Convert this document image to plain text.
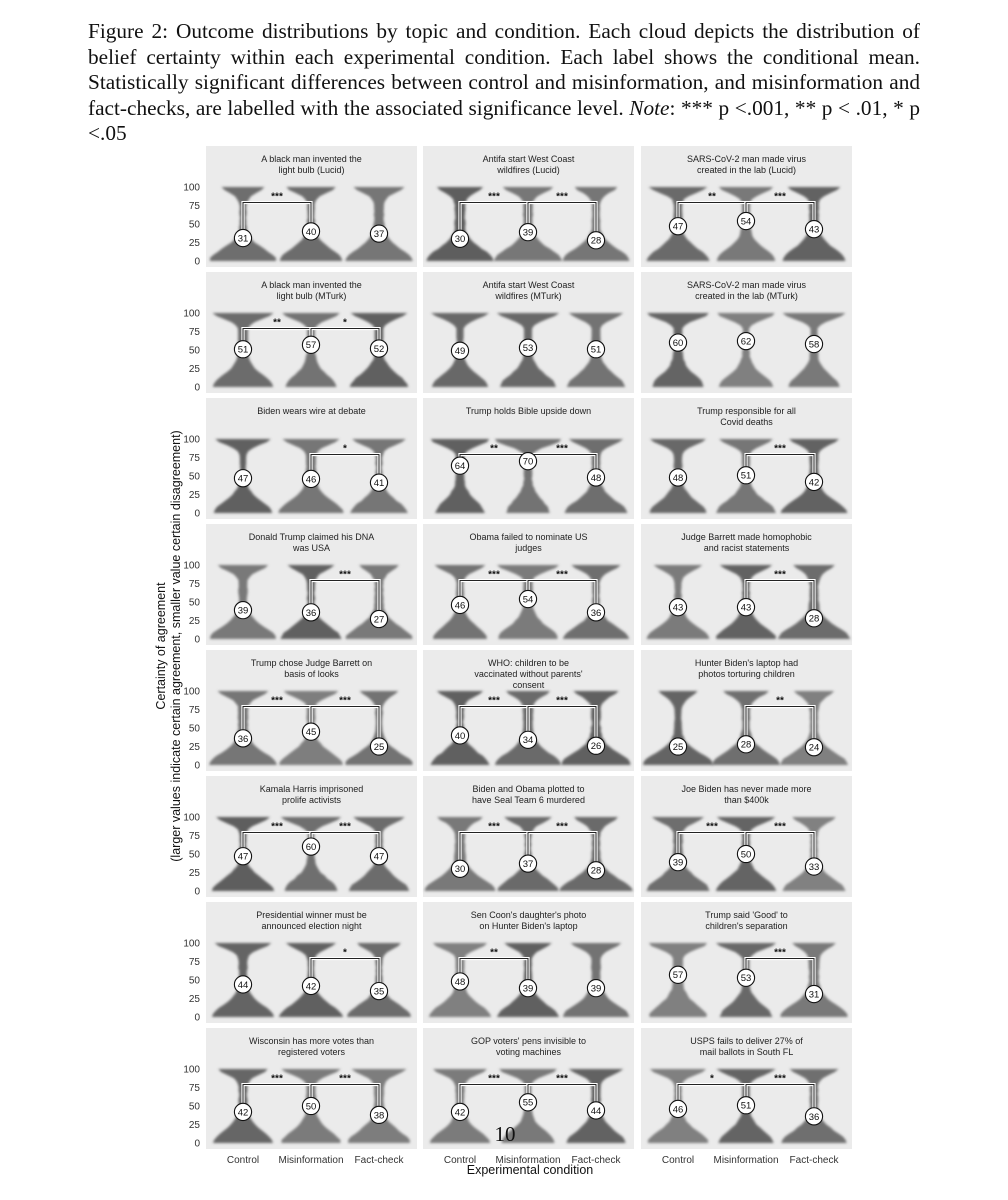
Figure 2: Outcome distributions by topic and condition. Each cloud depicts the distribution of belief certainty within each experimental condition. Each label shows the conditional mean. Statistically significant differences between control and misinformation, and misinformation and fact-checks, are labelled with the associated significance level. Note: *** p <.001, ** p < .01, * p <.05

A black man invented the
light bulb (Lucid)
0
25
50
75
100
***
31
40	37
Antifa start West Coast
wildfires (Lucid)
***	***
30
39
28
SARS-CoV-2 man made virus
created in the lab (Lucid)
**	***
47	54
43
A black man invented the
light bulb (MTurk)
0
25
50
75
100
**	*
51	57	52
Antifa start West Coast
wildfires (MTurk)
49	53	51
SARS-CoV-2 man made virus
created in the lab (MTurk)
60	62	58
Biden wears wire at debate
0
25
50
75
100
*
47	46	41
Trump holds Bible upside down
**	***
64	70
48
Trump responsible for all
Covid deaths
***
48	51
42
Donald Trump claimed his DNA
was USA
0
25
50
75
100
***
39	36
27
Obama failed to nominate US
judges
***	***
46
54
36
Judge Barrett made homophobic
and racist statements
***
43	43
28
Trump chose Judge Barrett on
basis of looks
0
25
50
75
100
***	***
36
45
25
WHO: children to be
vaccinated without parents'
consent
***	***
40	34
26
Hunter Biden's laptop had
photos torturing children
**
25	28	24
Kamala Harris imprisoned
prolife activists
0
25
50
75
100
***	***
47
60
47
Biden and Obama plotted to
have Seal Team 6 murdered
***	***
30	37
28
Joe Biden has never made more
than $400k
***	***
39
50
33
Presidential winner must be
announced election night
0
25
50
75
100
*
44	42	35
Sen Coon's daughter's photo
on Hunter Biden's laptop
**
48
39	39
Trump said 'Good' to
children's separation
***
57	53
31
Wisconsin has more votes than
registered voters
0
25
50
75
100
***	***
42
50
38
Control Misinformation Fact-check
GOP voters' pens invisible to
voting machines
***	***
42
55
44
Control Misinformation Fact-check
USPS fails to deliver 27% of
mail ballots in South FL
*	***
46	51
36
Control Misinformation Fact-check
Certainty of agreement (larger values indicate certain agreement, smaller value certain disagreement)
Experimental condition
10
